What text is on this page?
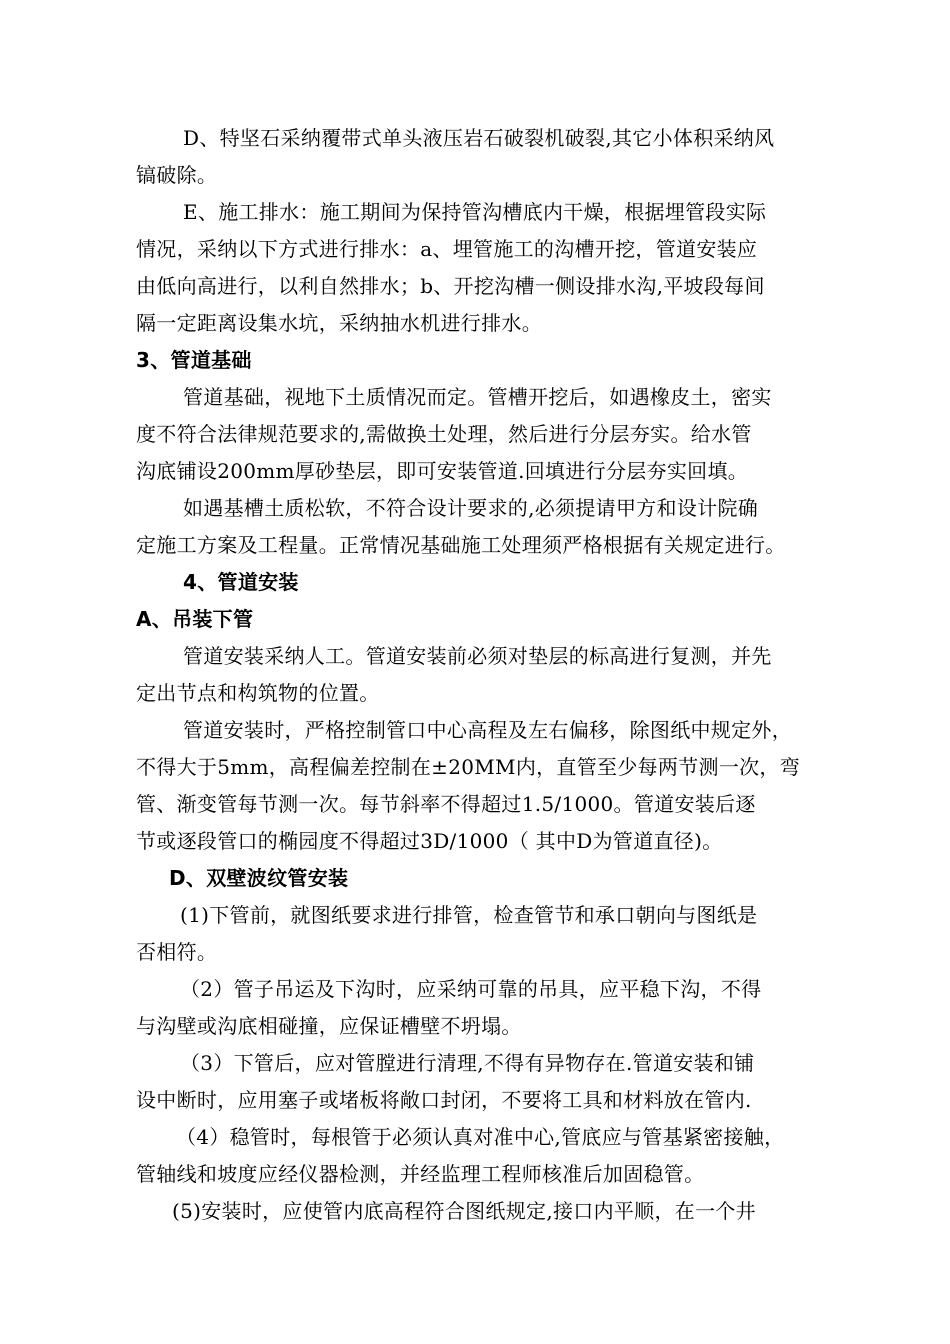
D、特坚石采纳覆带式单头液压岩石破裂机破裂,其它小体积采纳风
镐破除。
E、施工排水：施工期间为保持管沟槽底内干燥，根据埋管段实际
情况，采纳以下方式进行排水：a、埋管施工的沟槽开挖，管道安装应
由低向高进行，以利自然排水；b、开挖沟槽一侧设排水沟,平坡段每间
隔一定距离设集水坑，采纳抽水机进行排水。
3、管道基础
管道基础，视地下土质情况而定。管槽开挖后，如遇橡皮土，密实
度不符合法律规范要求的,需做换土处理，然后进行分层夯实。给水管
沟底铺设200mm厚砂垫层，即可安装管道.回填进行分层夯实回填。
如遇基槽土质松软，不符合设计要求的,必须提请甲方和设计院确
定施工方案及工程量。正常情况基础施工处理须严格根据有关规定进行。
4、管道安装
A、吊装下管
管道安装采纳人工。管道安装前必须对垫层的标高进行复测，并先
定出节点和构筑物的位置。
管道安装时，严格控制管口中心高程及左右偏移，除图纸中规定外，
不得大于5mm，高程偏差控制在±20MM内，直管至少每两节测一次，弯
管、渐变管每节测一次。每节斜率不得超过1.5/1000。管道安装后逐
节或逐段管口的椭园度不得超过3D/1000（ 其中D为管道直径)。
D、双壁波纹管安装
(1)下管前，就图纸要求进行排管，检查管节和承口朝向与图纸是
否相符。
（2）管子吊运及下沟时，应采纳可靠的吊具，应平稳下沟，不得
与沟壁或沟底相碰撞，应保证槽壁不坍塌。
（3）下管后，应对管膛进行清理,不得有异物存在.管道安装和铺
设中断时，应用塞子或堵板将敞口封闭，不要将工具和材料放在管内.
（4）稳管时，每根管于必须认真对准中心,管底应与管基紧密接触，
管轴线和坡度应经仪器检测，并经监理工程师核准后加固稳管。
(5)安装时，应使管内底高程符合图纸规定,接口内平顺，在一个井
